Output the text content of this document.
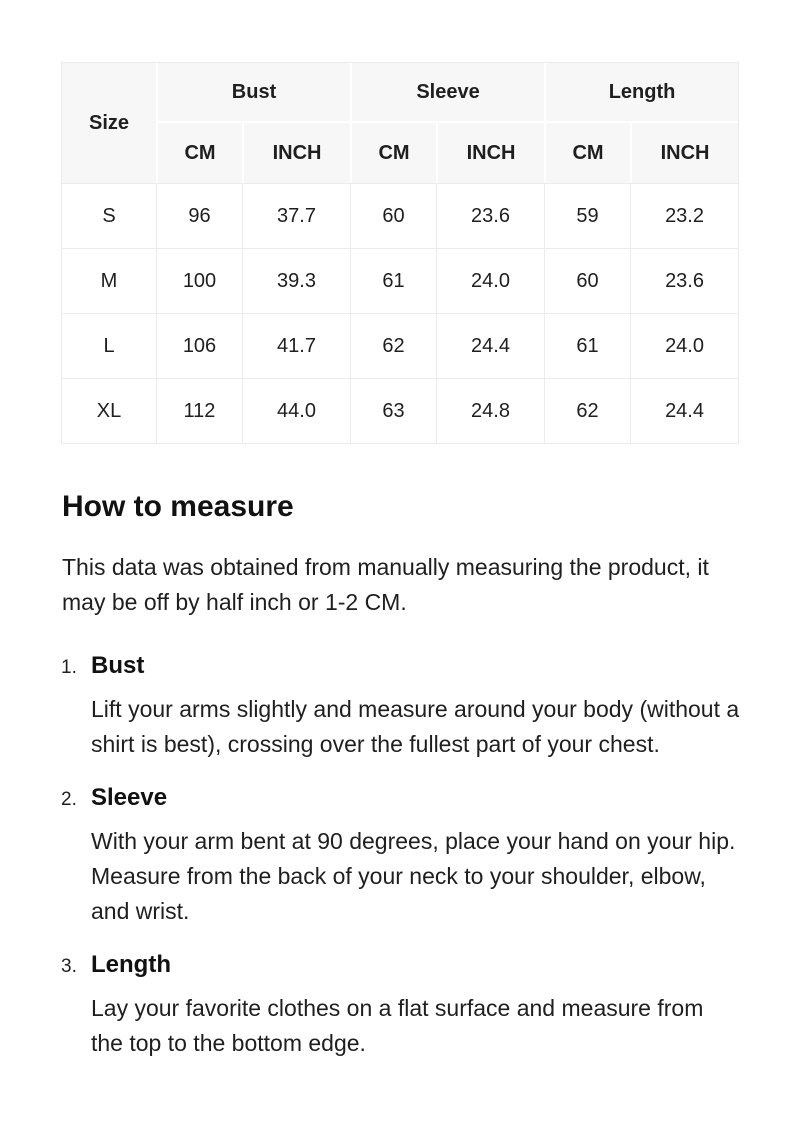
Size	Bust		Sleeve		Length	
	CM	INCH	CM	INCH	CM	INCH
S	96	37.7	60	23.6	59	23.2
M	100	39.3	61	24.0	60	23.6
L	106	41.7	62	24.4	61	24.0
XL	112	44.0	63	24.8	62	24.4
How to measure

This data was obtained from manually measuring the product, it may be off by half inch or 1-2 CM.

1. Bust
Lift your arms slightly and measure around your body (without a shirt is best), crossing over the fullest part of your chest.
2. Sleeve
With your arm bent at 90 degrees, place your hand on your hip. Measure from the back of your neck to your shoulder, elbow, and wrist.
3. Length
Lay your favorite clothes on a flat surface and measure from the top to the bottom edge.
